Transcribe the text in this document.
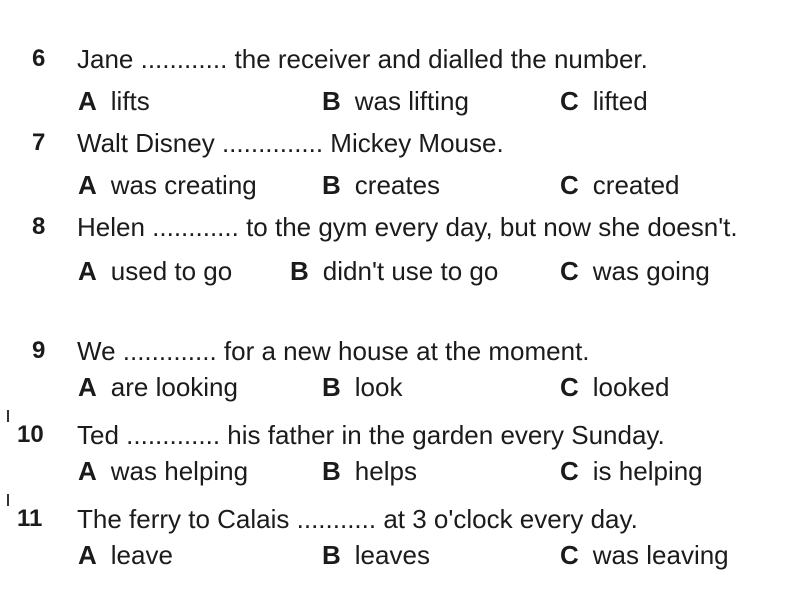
6 Jane ............ the receiver and dialled the number.
A lifts	B was lifting	C lifted
7 Walt Disney .............. Mickey Mouse.
A was creating	B creates	C created
8	Helen ............ to the gym every day, but now she doesn't.
A used to go B didn't use to go C was going
9 We ............. for a new house at the moment.
A are looking	B look	C looked
10 Ted ............. his father in the garden every Sunday.
A was helping	B helps	C is helping
11 The ferry to Calais ........... at 3 o'clock every day.
A leave	B leaves	C was leaving
